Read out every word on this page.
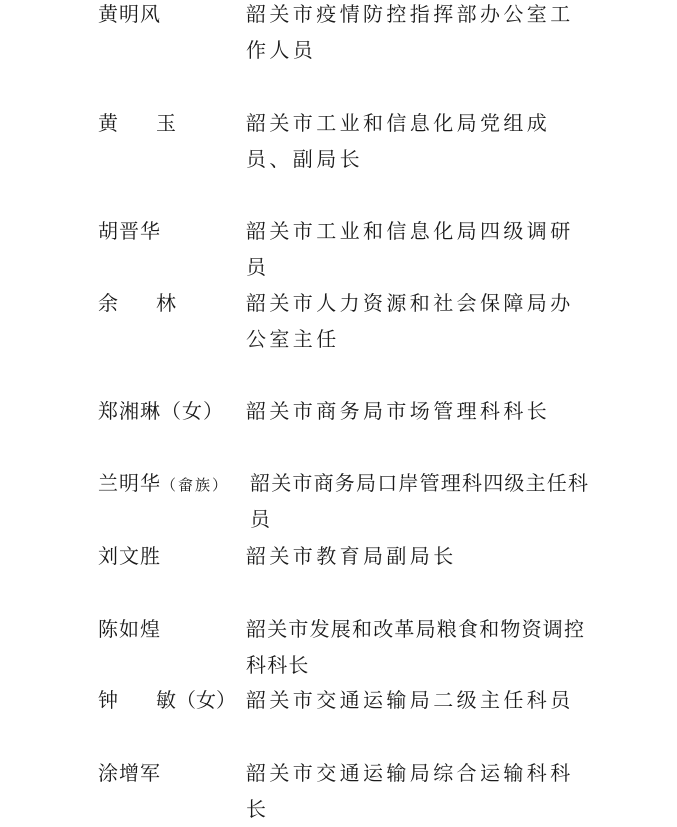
黄明风	韶关市疫情防控指挥部办公室工作人员
黄 玉	韶关市工业和信息化局党组成员、副局长
胡晋华	韶关市工业和信息化局四级调研员
余 林	韶关市人力资源和社会保障局办公室主任
郑湘琳（女） 韶关市商务局市场管理科科长
兰明华（畲族） 韶关市商务局口岸管理科四级主任科员
刘文胜	韶关市教育局副局长
陈如煌	韶关市发展和改革局粮食和物资调控科科长
钟 敏（女） 韶关市交通运输局二级主任科员
涂增军	韶关市交通运输局综合运输科科长
